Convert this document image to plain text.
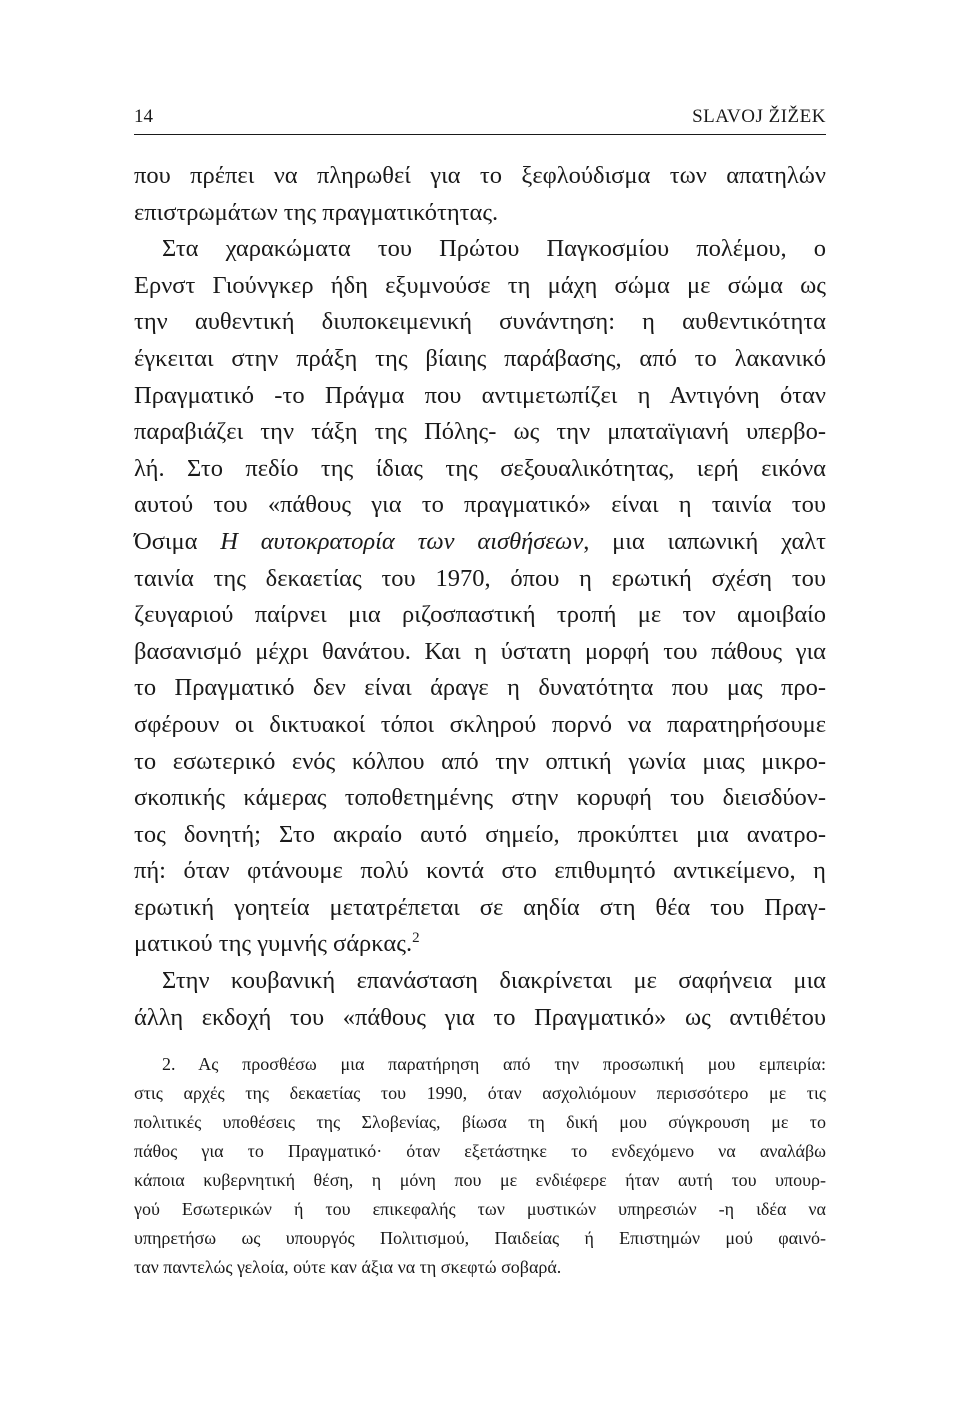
14	SLAVOJ ŽIŽEK
που πρέπει να πληρωθεί για το ξεφλούδισμα των απατηλών
επιστρωμάτων της πραγματικότητας.
Στα χαρακώματα του Πρώτου Παγκοσμίου πολέμου, ο
Ερνστ Γιούνγκερ ήδη εξυμνούσε τη μάχη σώμα με σώμα ως
την αυθεντική διυποκειμενική συνάντηση: η αυθεντικότητα
έγκειται στην πράξη της βίαιης παράβασης, από το λακανικό
Πραγματικό -το Πράγμα που αντιμετωπίζει η Αντιγόνη όταν
παραβιάζει την τάξη της Πόλης- ως την μπαταϊγιανή υπερβο-
λή. Στο πεδίο της ίδιας της σεξουαλικότητας, ιερή εικόνα
αυτού του «πάθους για το πραγματικό» είναι η ταινία του
Όσιμα Η αυτοκρατορία των αισθήσεων, μια ιαπωνική χαλτ
ταινία της δεκαετίας του 1970, όπου η ερωτική σχέση του
ζευγαριού παίρνει μια ριζοσπαστική τροπή με τον αμοιβαίο
βασανισμό μέχρι θανάτου. Και η ύστατη μορφή του πάθους για
το Πραγματικό δεν είναι άραγε η δυνατότητα που μας προ-
σφέρουν οι δικτυακοί τόποι σκληρού πορνό να παρατηρήσουμε
το εσωτερικό ενός κόλπου από την οπτική γωνία μιας μικρο-
σκοπικής κάμερας τοποθετημένης στην κορυφή του διεισδύον-
τος δονητή; Στο ακραίο αυτό σημείο, προκύπτει μια ανατρο-
πή: όταν φτάνουμε πολύ κοντά στο επιθυμητό αντικείμενο, η
ερωτική γοητεία μετατρέπεται σε αηδία στη θέα του Πραγ-
ματικού της γυμνής σάρκας.$^2$
Στην κουβανική επανάσταση διακρίνεται με σαφήνεια μια
άλλη εκδοχή του «πάθους για το Πραγματικό» ως αντιθέτου
2. Ας προσθέσω μια παρατήρηση από την προσωπική μου εμπειρία:
στις αρχές της δεκαετίας του 1990, όταν ασχολιόμουν περισσότερο με τις
πολιτικές υποθέσεις της Σλοβενίας, βίωσα τη δική μου σύγκρουση με το
πάθος για το Πραγματικό· όταν εξετάστηκε το ενδεχόμενο να αναλάβω
κάποια κυβερνητική θέση, η μόνη που με ενδιέφερε ήταν αυτή του υπουρ-
γού Εσωτερικών ή του επικεφαλής των μυστικών υπηρεσιών -η ιδέα να
υπηρετήσω ως υπουργός Πολιτισμού, Παιδείας ή Επιστημών μού φαινό-
ταν παντελώς γελοία, ούτε καν άξια να τη σκεφτώ σοβαρά.
